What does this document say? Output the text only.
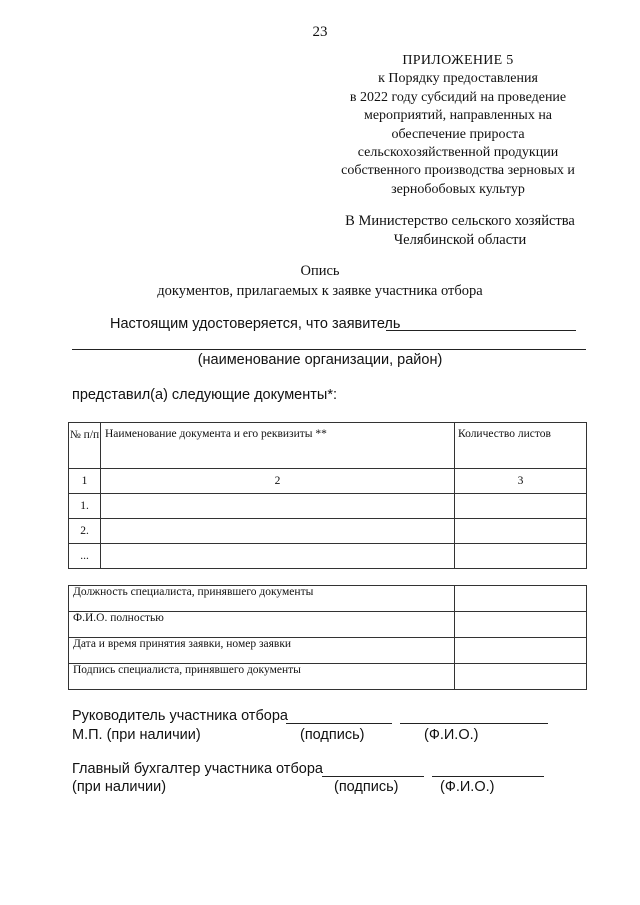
23
ПРИЛОЖЕНИЕ 5
к Порядку предоставления
в 2022 году субсидий на проведение
мероприятий, направленных на
обеспечение прироста
сельскохозяйственной продукции
собственного производства зерновых и
зернобобовых культур
В Министерство сельского хозяйства
Челябинской области
Опись
документов, прилагаемых к заявке участника отбора
Настоящим удостоверяется, что заявитель
(наименование организации, район)
представил(а) следующие документы*:
№ п/п	Наименование документа и его реквизиты **	Количество листов
1	2	3
1.		
2.		
...		
Должность специалиста, принявшего документы	
Ф.И.О. полностью	
Дата и время принятия заявки, номер заявки	
Подпись специалиста, принявшего документы	
Руководитель участника отбора
М.П. (при наличии)	(подпись)	(Ф.И.О.)
Главный бухгалтер участника отбора
(при наличии)	(подпись)	(Ф.И.О.)
